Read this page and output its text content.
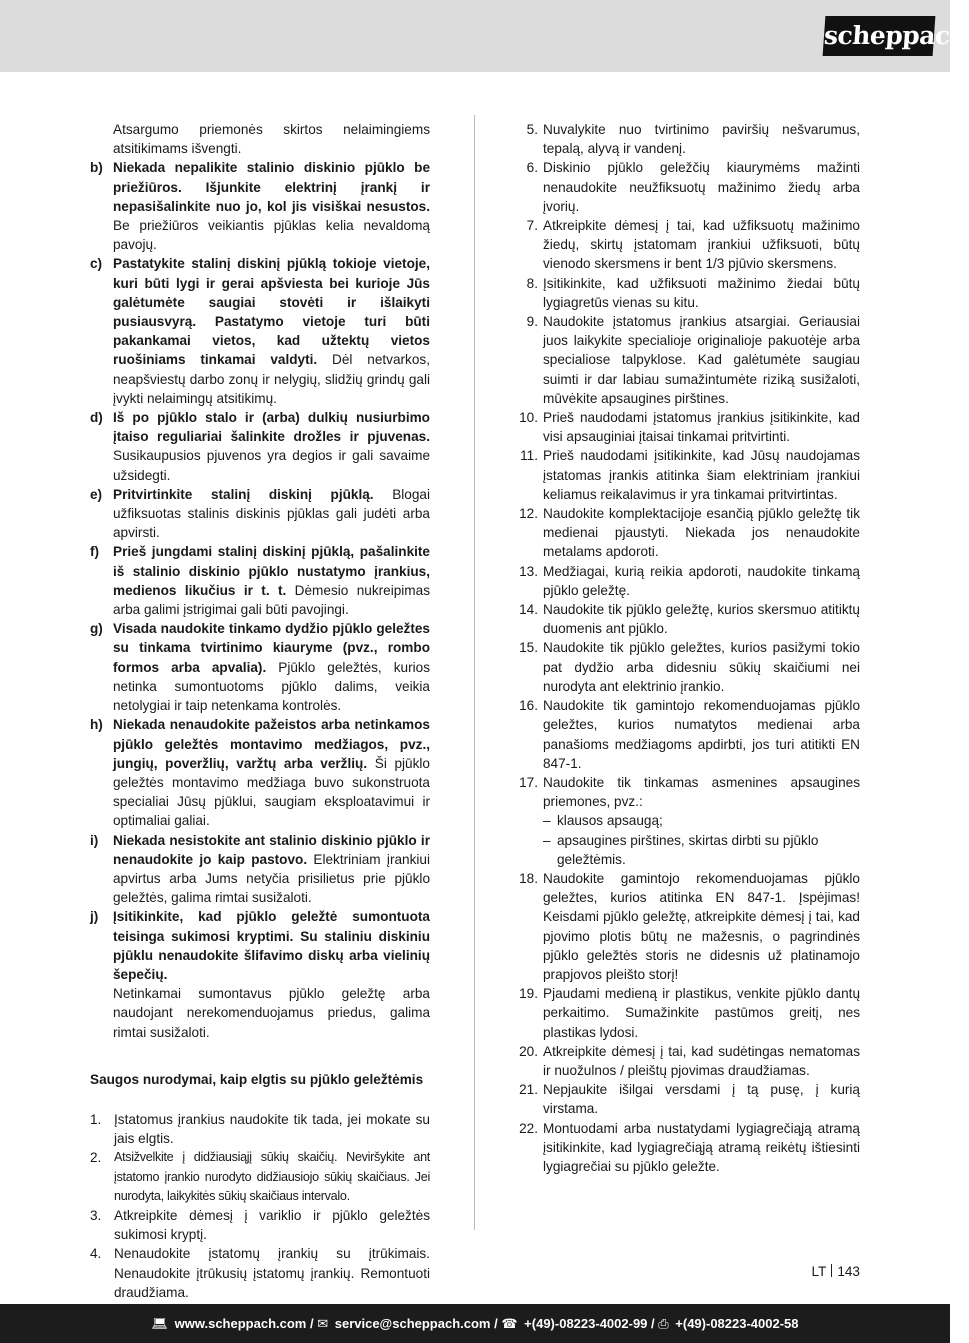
scheppach
Atsargumo priemonės skirtos nelaimingiems atsitikimams išvengti.
b) Niekada nepalikite stalinio diskinio pjūklo be priežiūros. Išjunkite elektrinį įrankį ir nepasišalinkite nuo jo, kol jis visiškai nesustos. Be priežiūros veikiantis pjūklas kelia nevaldomą pavojų.
c) Pastatykite stalinį diskinį pjūklą tokioje vietoje, kuri būti lygi ir gerai apšviesta bei kurioje Jūs galėtumėte saugiai stovėti ir išlaikyti pusiausvyrą. Pastatymo vietoje turi būti pakankamai vietos, kad užtektų vietos ruošiniams tinkamai valdyti. Dėl netvarkos, neapšviestų darbo zonų ir nelygių, slidžių grindų gali įvykti nelaimingų atsitikimų.
d) Iš po pjūklo stalo ir (arba) dulkių nusiurbimo įtaiso reguliariai šalinkite drožles ir pjuvenas. Susikaupusios pjuvenos yra degios ir gali savaime užsidegti.
e) Pritvirtinkite stalinį diskinį pjūklą. Blogai užfiksuotas stalinis diskinis pjūklas gali judėti arba apvirsti.
f)	Prieš jungdami stalinį diskinį pjūklą, pašalinkite iš stalinio diskinio pjūklo nustatymo įrankius, medienos likučius ir t. t. Dėmesio nukreipimas arba galimi įstrigimai gali būti pavojingi.
g) Visada naudokite tinkamo dydžio pjūklo geležtes su tinkama tvirtinimo kiauryme (pvz., rombo formos arba apvalia). Pjūklo geležtės, kurios netinka sumontuotoms pjūklo dalims, veikia netolygiai ir taip netenkama kontrolės.
h) Niekada nenaudokite pažeistos arba netinkamos pjūklo geležtės montavimo medžiagos, pvz., jungių, poveržlių, varžtų arba veržlių. Ši pjūklo geležtės montavimo medžiaga buvo sukonstruota specialiai Jūsų pjūklui, saugiam eksploatavimui ir optimaliai galiai.
i)	Niekada nesistokite ant stalinio diskinio pjūklo ir nenaudokite jo kaip pastovo. Elektriniam įrankiui apvirtus arba Jums netyčia prisilietus prie pjūklo geležtės, galima rimtai susižaloti.
j)	Įsitikinkite, kad pjūklo geležtė sumontuota teisinga sukimosi kryptimi. Su staliniu diskiniu pjūklu nenaudokite šlifavimo diskų arba vielinių šepečių.
Netinkamai sumontavus pjūklo geležtę arba naudojant nerekomenduojamus priedus, galima rimtai susižaloti.
Saugos nurodymai, kaip elgtis su pjūklo geležtėmis
1. Įstatomus įrankius naudokite tik tada, jei mokate su jais elgtis.
2.	Atsižvelkite į didžiausiąjį sūkių skaičių. Neviršykite ant įstatomo įrankio nurodyto didžiausiojo sūkių skaičiaus. Jei nurodyta, laikykitės sūkių skaičiaus intervalo.
3. Atkreipkite dėmesį į variklio ir pjūklo geležtės sukimosi kryptį.
4. Nenaudokite įstatomų įrankių su įtrūkimais. Nenaudokite įtrūkusių įstatomų įrankių. Remontuoti draudžiama.
5. Nuvalykite nuo tvirtinimo paviršių nešvarumus, tepalą, alyvą ir vandenį.
6. Diskinio pjūklo geležčių kiaurymėms mažinti nenaudokite neužfiksuotų mažinimo žiedų arba įvorių.
7. Atkreipkite dėmesį į tai, kad užfiksuotų mažinimo žiedų, skirtų įstatomam įrankiui užfiksuoti, būtų vienodo skersmens ir bent 1/3 pjūvio skersmens.
8. Įsitikinkite, kad užfiksuoti mažinimo žiedai būtų lygiagretūs vienas su kitu.
9. Naudokite įstatomus įrankius atsargiai. Geriausiai juos laikykite specialioje originalioje pakuotėje arba specialiose talpyklose. Kad galėtumėte saugiau suimti ir dar labiau sumažintumėte riziką susižaloti, mūvėkite apsaugines pirštines.
10. Prieš naudodami įstatomus įrankius įsitikinkite, kad visi apsauginiai įtaisai tinkamai pritvirtinti.
11. Prieš naudodami įsitikinkite, kad Jūsų naudojamas įstatomas įrankis atitinka šiam elektriniam įrankiui keliamus reikalavimus ir yra tinkamai pritvirtintas.
12. Naudokite komplektacijoje esančią pjūklo geležtę tik medienai pjaustyti. Niekada jos nenaudokite metalams apdoroti.
13. Medžiagai, kurią reikia apdoroti, naudokite tinkamą pjūklo geležtę.
14. Naudokite tik pjūklo geležtę, kurios skersmuo atitiktų duomenis ant pjūklo.
15. Naudokite tik pjūklo geležtes, kurios pasižymi tokio pat dydžio arba didesniu sūkių skaičiumi nei nurodyta ant elektrinio įrankio.
16. Naudokite tik gamintojo rekomenduojamas pjūklo geležtes, kurios numatytos medienai arba panašioms medžiagoms apdirbti, jos turi atitikti EN 847-1.
17. Naudokite tik tinkamas asmenines apsaugines priemones, pvz.:
– klausos apsaugą;
– apsaugines pirštines, skirtas dirbti su pjūklo geležtėmis.
18. Naudokite gamintojo rekomenduojamas pjūklo geležtes, kurios atitinka EN 847-1. Įspėjimas! Keisdami pjūklo geležtę, atkreipkite dėmesį į tai, kad pjovimo plotis būtų ne mažesnis, o pagrindinės pjūklo geležtės storis ne didesnis už platinamojo prapjovos pleišto storį!
19. Pjaudami medieną ir plastikus, venkite pjūklo dantų perkaitimo. Sumažinkite pastūmos greitį, nes plastikas lydosi.
20. Atkreipkite dėmesį į tai, kad sudėtingas nematomas ir nuožulnos / pleištų pjovimas draudžiamas.
21. Nepjaukite išilgai versdami į tą pusę, į kurią virstama.
22. Montuodami arba nustatydami lygiagrečiąją atramą įsitikinkite, kad lygiagrečiąją atramą reikėtų ištiesinti lygiagrečiai su pjūklo geležte.
LT 143
💻︎ www.scheppach.com / ✉︎ service@scheppach.com / ☎︎ +(49)-08223-4002-99 / ⎙ +(49)-08223-4002-58
